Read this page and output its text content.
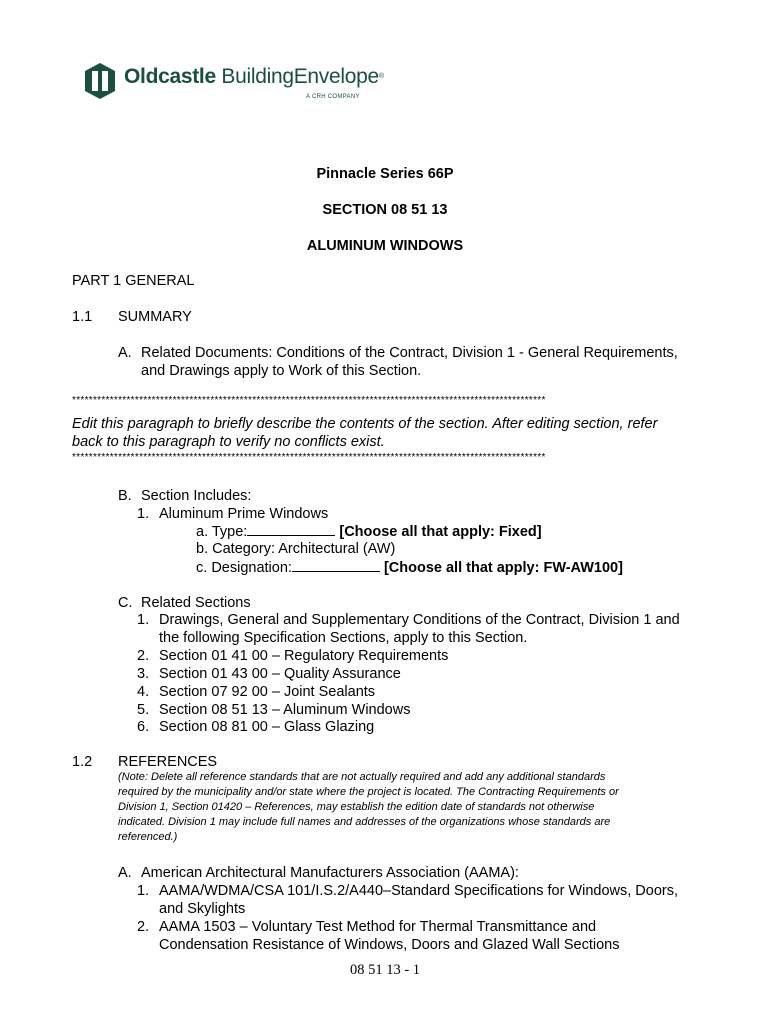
Oldcastle BuildingEnvelope®
A CRH COMPANY
Pinnacle Series 66P
SECTION 08 51 13
ALUMINUM WINDOWS
PART 1 GENERAL
1.1 SUMMARY
A. Related Documents: Conditions of the Contract, Division 1 - General Requirements,
and Drawings apply to Work of this Section.
*****************************************************************************************************************
Edit this paragraph to briefly describe the contents of the section. After editing section, refer
back to this paragraph to verify no conflicts exist.
*****************************************************************************************************************
B. Section Includes:
1. Aluminum Prime Windows
a. Type:	[Choose all that apply: Fixed]
b. Category: Architectural (AW)
c. Designation:	[Choose all that apply: FW-AW100]
C. Related Sections
1. Drawings, General and Supplementary Conditions of the Contract, Division 1 and
the following Specification Sections, apply to this Section.
2. Section 01 41 00 – Regulatory Requirements
3. Section 01 43 00 – Quality Assurance
4. Section 07 92 00 – Joint Sealants
5. Section 08 51 13 – Aluminum Windows
6. Section 08 81 00 – Glass Glazing
1.2 REFERENCES
(Note: Delete all reference standards that are not actually required and add any additional standards
required by the municipality and/or state where the project is located. The Contracting Requirements or
Division 1, Section 01420 – References, may establish the edition date of standards not otherwise
indicated. Division 1 may include full names and addresses of the organizations whose standards are
referenced.)
A. American Architectural Manufacturers Association (AAMA):
1. AAMA/WDMA/CSA 101/I.S.2/A440–Standard Specifications for Windows, Doors,
and Skylights
2. AAMA 1503 – Voluntary Test Method for Thermal Transmittance and
Condensation Resistance of Windows, Doors and Glazed Wall Sections
08 51 13 - 1
